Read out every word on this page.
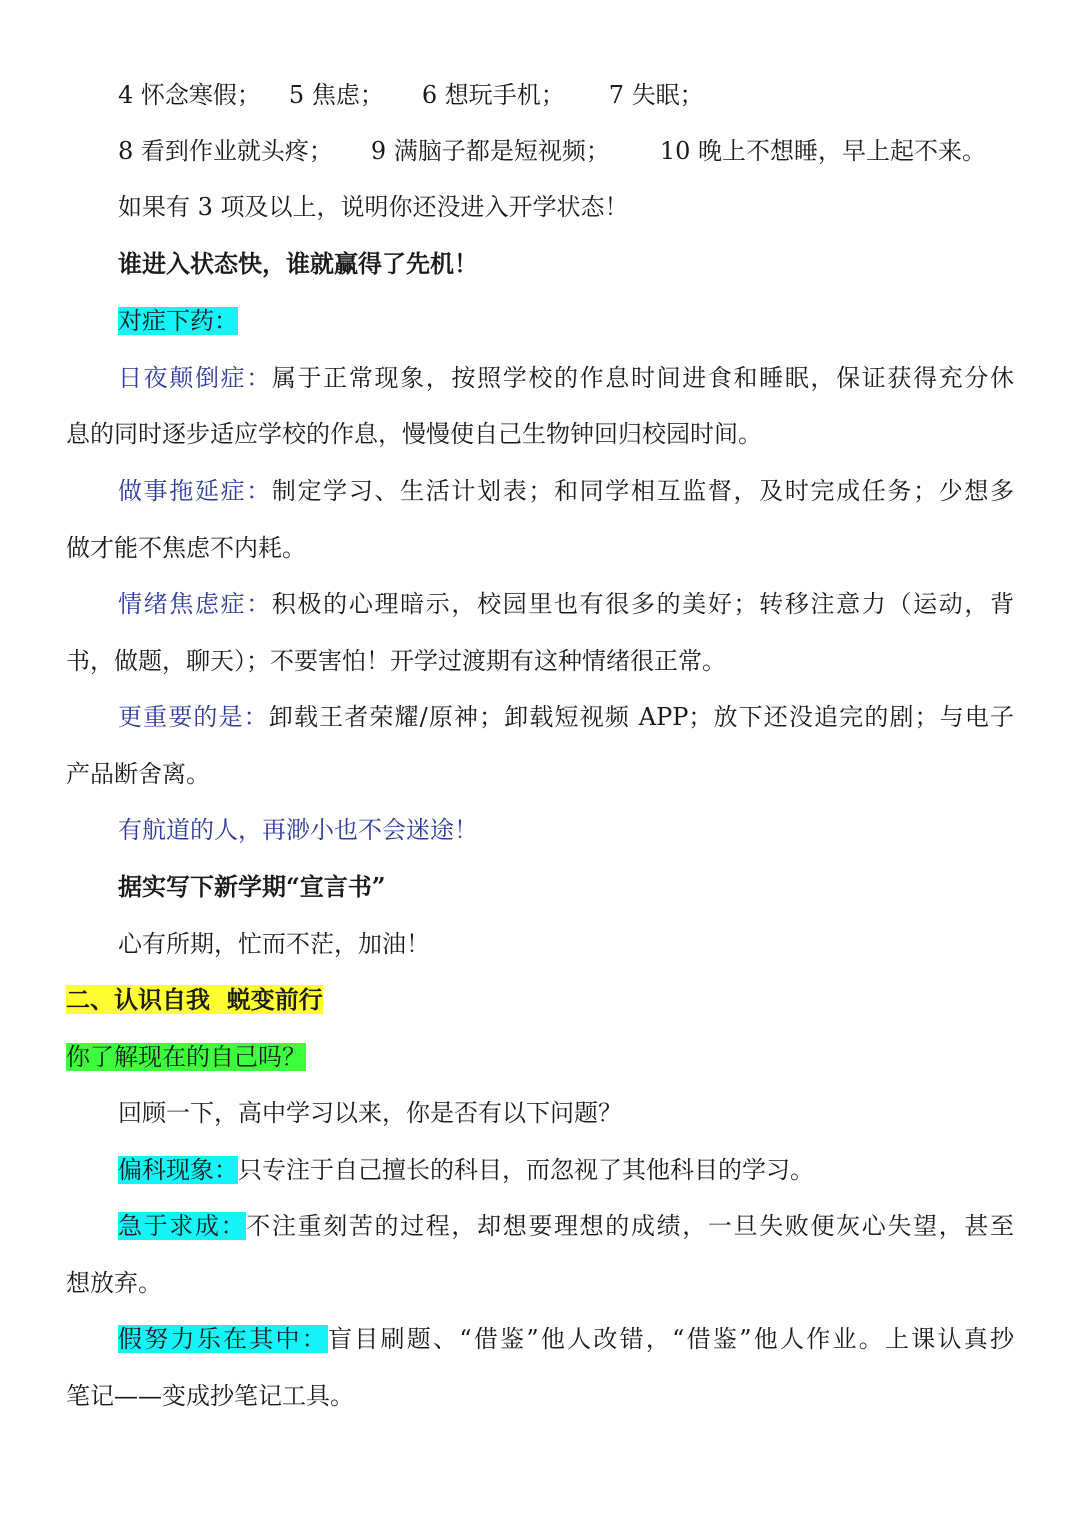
4 怀念寒假； 5 焦虑； 6 想玩手机； 7 失眠；
8 看到作业就头疼； 9 满脑子都是短视频； 10 晚上不想睡，早上起不来。
如果有 3 项及以上，说明你还没进入开学状态！
谁进入状态快，谁就赢得了先机！
对症下药：
日夜颠倒症：属于正常现象，按照学校的作息时间进食和睡眠，保证获得充分休
息的同时逐步适应学校的作息，慢慢使自己生物钟回归校园时间。
做事拖延症：制定学习、生活计划表；和同学相互监督，及时完成任务；少想多
做才能不焦虑不内耗。
情绪焦虑症：积极的心理暗示，校园里也有很多的美好；转移注意力（运动，背
书，做题，聊天）；不要害怕！开学过渡期有这种情绪很正常。
更重要的是：卸载王者荣耀/原神；卸载短视频 APP；放下还没追完的剧；与电子
产品断舍离。
有航道的人，再渺小也不会迷途！
据实写下新学期“宣言书”
心有所期，忙而不茫，加油！
二、认识自我  蜕变前行
你了解现在的自己吗？
回顾一下，高中学习以来，你是否有以下问题？
偏科现象：只专注于自己擅长的科目，而忽视了其他科目的学习。
急于求成：不注重刻苦的过程，却想要理想的成绩，一旦失败便灰心失望，甚至
想放弃。
假努力乐在其中：盲目刷题、“借鉴”他人改错，“借鉴”他人作业。上课认真抄
笔记——变成抄笔记工具。
